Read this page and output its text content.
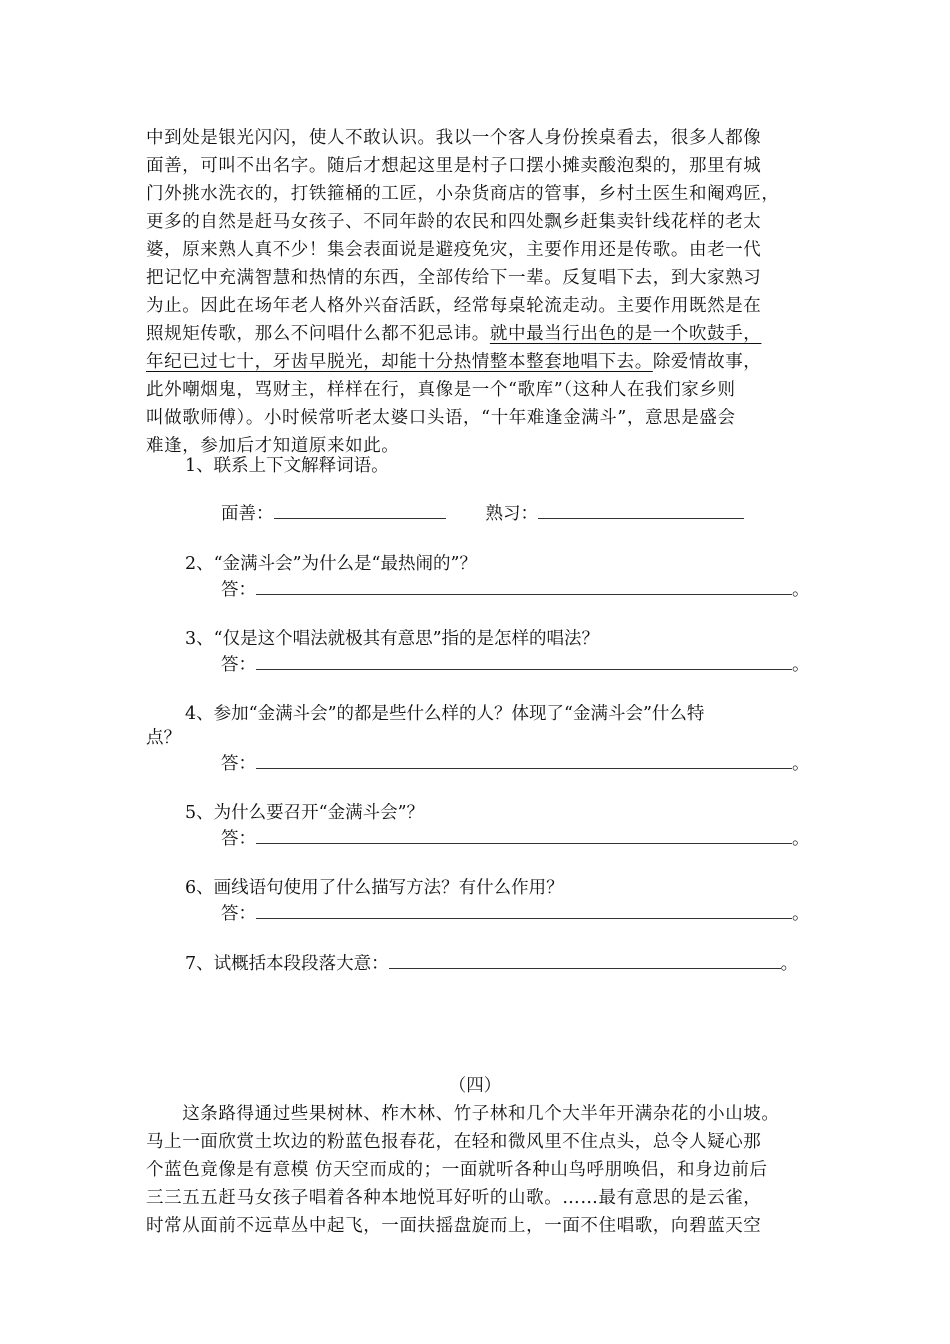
中到处是银光闪闪，使人不敢认识。我以一个客人身份挨桌看去，很多人都像
面善，可叫不出名字。随后才想起这里是村子口摆小摊卖酸泡梨的，那里有城
门外挑水洗衣的，打铁箍桶的工匠，小杂货商店的管事，乡村土医生和阉鸡匠，
更多的自然是赶马女孩子、不同年龄的农民和四处飘乡赶集卖针线花样的老太
婆，原来熟人真不少！集会表面说是避疫免灾，主要作用还是传歌。由老一代
把记忆中充满智慧和热情的东西，全部传给下一辈。反复唱下去，到大家熟习
为止。因此在场年老人格外兴奋活跃，经常每桌轮流走动。主要作用既然是在
照规矩传歌，那么不问唱什么都不犯忌讳。就中最当行出色的是一个吹鼓手，
年纪已过七十，牙齿早脱光，却能十分热情整本整套地唱下去。除爱情故事，
此外嘲烟鬼，骂财主，样样在行，真像是一个“歌库”（这种人在我们家乡则
叫做歌师傅）。小时候常听老太婆口头语，“十年难逢金满斗”，意思是盛会
难逢，参加后才知道原来如此。
1、联系上下文解释词语。
面善：	熟习：
2、“金满斗会”为什么是“最热闹的”？
答：	。
3、“仅是这个唱法就极其有意思”指的是怎样的唱法？
答：	。
4、参加“金满斗会”的都是些什么样的人？体现了“金满斗会”什么特
点？
答：	。
5、为什么要召开“金满斗会”？
答：	。
6、画线语句使用了什么描写方法？有什么作用？
答：	。
7、试概括本段段落大意：	。
（四）
　　这条路得通过些果树林、柞木林、竹子林和几个大半年开满杂花的小山坡。
马上一面欣赏土坎边的粉蓝色报春花，在轻和微风里不住点头，总令人疑心那
个蓝色竟像是有意模 仿天空而成的；一面就听各种山鸟呼朋唤侣，和身边前后
三三五五赶马女孩子唱着各种本地悦耳好听的山歌。……最有意思的是云雀，
时常从面前不远草丛中起飞，一面扶摇盘旋而上，一面不住唱歌，向碧蓝天空
